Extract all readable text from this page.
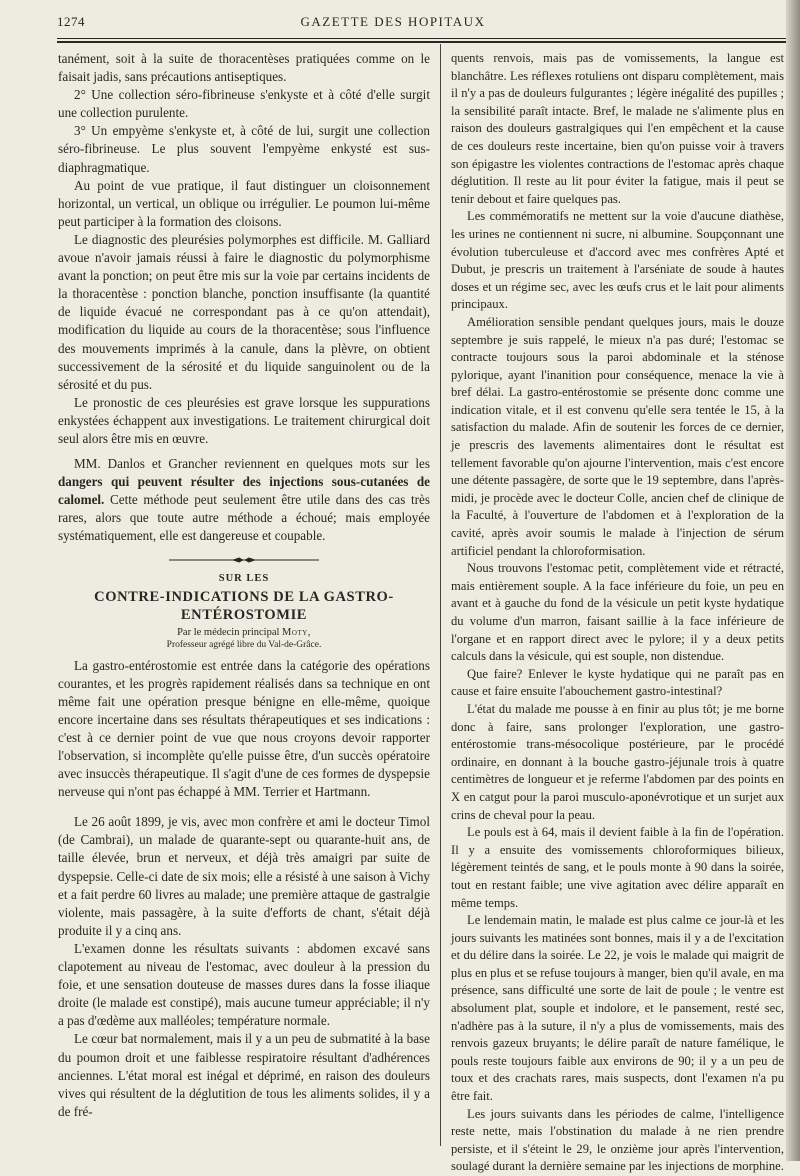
1274	GAZETTE DES HOPITAUX

tanément, soit à la suite de thoracentèses pratiquées comme on le faisait jadis, sans précautions antiseptiques.

2° Une collection séro-fibrineuse s'enkyste et à côté d'elle surgit une collection purulente.

3° Un empyème s'enkyste et, à côté de lui, surgit une collection séro-fibrineuse. Le plus souvent l'empyème enkysté est sus-diaphragmatique.

Au point de vue pratique, il faut distinguer un cloisonnement horizontal, un vertical, un oblique ou irrégulier. Le poumon lui-même peut participer à la formation des cloisons.

Le diagnostic des pleurésies polymorphes est difficile. M. Galliard avoue n'avoir jamais réussi à faire le diagnostic du polymorphisme avant la ponction; on peut être mis sur la voie par certains incidents de la thoracentèse : ponction blanche, ponction insuffisante (la quantité de liquide évacué ne correspondant pas à ce qu'on attendait), modification du liquide au cours de la thoracentèse; sous l'influence des mouvements imprimés à la canule, dans la plèvre, on obtient successivement de la sérosité et du liquide sanguinolent ou de la sérosité et du pus.

Le pronostic de ces pleurésies est grave lorsque les suppurations enkystées échappent aux investigations. Le traitement chirurgical doit seul alors être mis en œuvre.

MM. Danlos et Grancher reviennent en quelques mots sur les dangers qui peuvent résulter des injections sous-cutanées de calomel. Cette méthode peut seulement être utile dans des cas très rares, alors que toute autre méthode a échoué; mais employée systématiquement, elle est dangereuse et coupable.

SUR LES
CONTRE-INDICATIONS DE LA GASTRO-ENTÉROSTOMIE
Par le médecin principal Moty,
Professeur agrégé libre du Val-de-Grâce.

La gastro-entérostomie est entrée dans la catégorie des opérations courantes, et les progrès rapidement réalisés dans sa technique en ont même fait une opération presque bénigne en elle-même, quoique encore incertaine dans ses résultats thérapeutiques et ses indications : c'est à ce dernier point de vue que nous croyons devoir rapporter l'observation, si incomplète qu'elle puisse être, d'un succès opératoire avec insuccès thérapeutique. Il s'agit d'une de ces formes de dyspepsie nerveuse qui n'ont pas échappé à MM. Terrier et Hartmann.

Le 26 août 1899, je vis, avec mon confrère et ami le docteur Timol (de Cambrai), un malade de quarante-sept ou quarante-huit ans, de taille élevée, brun et nerveux, et déjà très amaigri par suite de dyspepsie. Celle-ci date de six mois; elle a résisté à une saison à Vichy et a fait perdre 60 livres au malade; une première attaque de gastralgie violente, mais passagère, à la suite d'efforts de chant, s'était déjà produite il y a cinq ans.

L'examen donne les résultats suivants : abdomen excavé sans clapotement au niveau de l'estomac, avec douleur à la pression du foie, et une sensation douteuse de masses dures dans la fosse iliaque droite (le malade est constipé), mais aucune tumeur appréciable; il n'y a pas d'œdème aux malléoles; température normale.

Le cœur bat normalement, mais il y a un peu de submatité à la base du poumon droit et une faiblesse respiratoire résultant d'adhérences anciennes. L'état moral est inégal et déprimé, en raison des douleurs vives qui résultent de la déglutition de tous les aliments solides, il y a de fré-

quents renvois, mais pas de vomissements, la langue est blanchâtre. Les réflexes rotuliens ont disparu complètement, mais il n'y a pas de douleurs fulgurantes ; légère inégalité des pupilles ; la sensibilité paraît intacte. Bref, le malade ne s'alimente plus en raison des douleurs gastralgiques qui l'en empêchent et la cause de ces douleurs reste incertaine, bien qu'on puisse voir à travers son épigastre les violentes contractions de l'estomac après chaque déglutition. Il reste au lit pour éviter la fatigue, mais il peut se tenir debout et faire quelques pas.

Les commémoratifs ne mettent sur la voie d'aucune diathèse, les urines ne contiennent ni sucre, ni albumine. Soupçonnant une évolution tuberculeuse et d'accord avec mes confrères Apté et Dubut, je prescris un traitement à l'arséniate de soude à hautes doses et un régime sec, avec les œufs crus et le lait pour aliments principaux.

Amélioration sensible pendant quelques jours, mais le douze septembre je suis rappelé, le mieux n'a pas duré; l'estomac se contracte toujours sous la paroi abdominale et la sténose pylorique, ayant l'inanition pour conséquence, menace la vie à bref délai. La gastro-entérostomie se présente donc comme une indication vitale, et il est convenu qu'elle sera tentée le 15, à la satisfaction du malade. Afin de soutenir les forces de ce dernier, je prescris des lavements alimentaires dont le résultat est tellement favorable qu'on ajourne l'intervention, mais c'est encore une détente passagère, de sorte que le 19 septembre, dans l'après-midi, je procède avec le docteur Colle, ancien chef de clinique de la Faculté, à l'ouverture de l'abdomen et à l'exploration de la cavité, après avoir soumis le malade à l'injection de sérum artificiel pendant la chloroformisation.

Nous trouvons l'estomac petit, complètement vide et rétracté, mais entièrement souple. A la face inférieure du foie, un peu en avant et à gauche du fond de la vésicule un petit kyste hydatique du volume d'un marron, faisant saillie à la face inférieure de l'organe et en rapport direct avec le pylore; il y a deux petits calculs dans la vésicule, qui est souple, non distendue.

Que faire? Enlever le kyste hydatique qui ne paraît pas en cause et faire ensuite l'abouchement gastro-intestinal?

L'état du malade me pousse à en finir au plus tôt; je me borne donc à faire, sans prolonger l'exploration, une gastro-entérostomie trans-mésocolique postérieure, par le procédé ordinaire, en donnant à la bouche gastro-jéjunale trois à quatre centimètres de longueur et je referme l'abdomen par des points en X en catgut pour la paroi musculo-aponévrotique et un surjet aux crins de cheval pour la peau.

Le pouls est à 64, mais il devient faible à la fin de l'opération. Il y a ensuite des vomissements chloroformiques bilieux, légèrement teintés de sang, et le pouls monte à 90 dans la soirée, tout en restant faible; une vive agitation avec délire apparaît en même temps.

Le lendemain matin, le malade est plus calme ce jour-là et les jours suivants les matinées sont bonnes, mais il y a de l'excitation et du délire dans la soirée. Le 22, je vois le malade qui maigrit de plus en plus et se refuse toujours à manger, bien qu'il avale, en ma présence, sans difficulté une sorte de lait de poule ; le ventre est absolument plat, souple et indolore, et le pansement, resté sec, n'adhère pas à la suture, il n'y a plus de vomissements, mais des renvois gazeux bruyants; le délire paraît de nature famélique, le pouls reste toujours faible aux environs de 90; il y a un peu de toux et des crachats rares, mais suspects, dont l'examen n'a pu être fait.

Les jours suivants dans les périodes de calme, l'intelligence reste nette, mais l'obstination du malade à ne rien prendre persiste, et il s'éteint le 29, le onzième jour après l'intervention, soulagé durant la dernière semaine par les injections de morphine.
